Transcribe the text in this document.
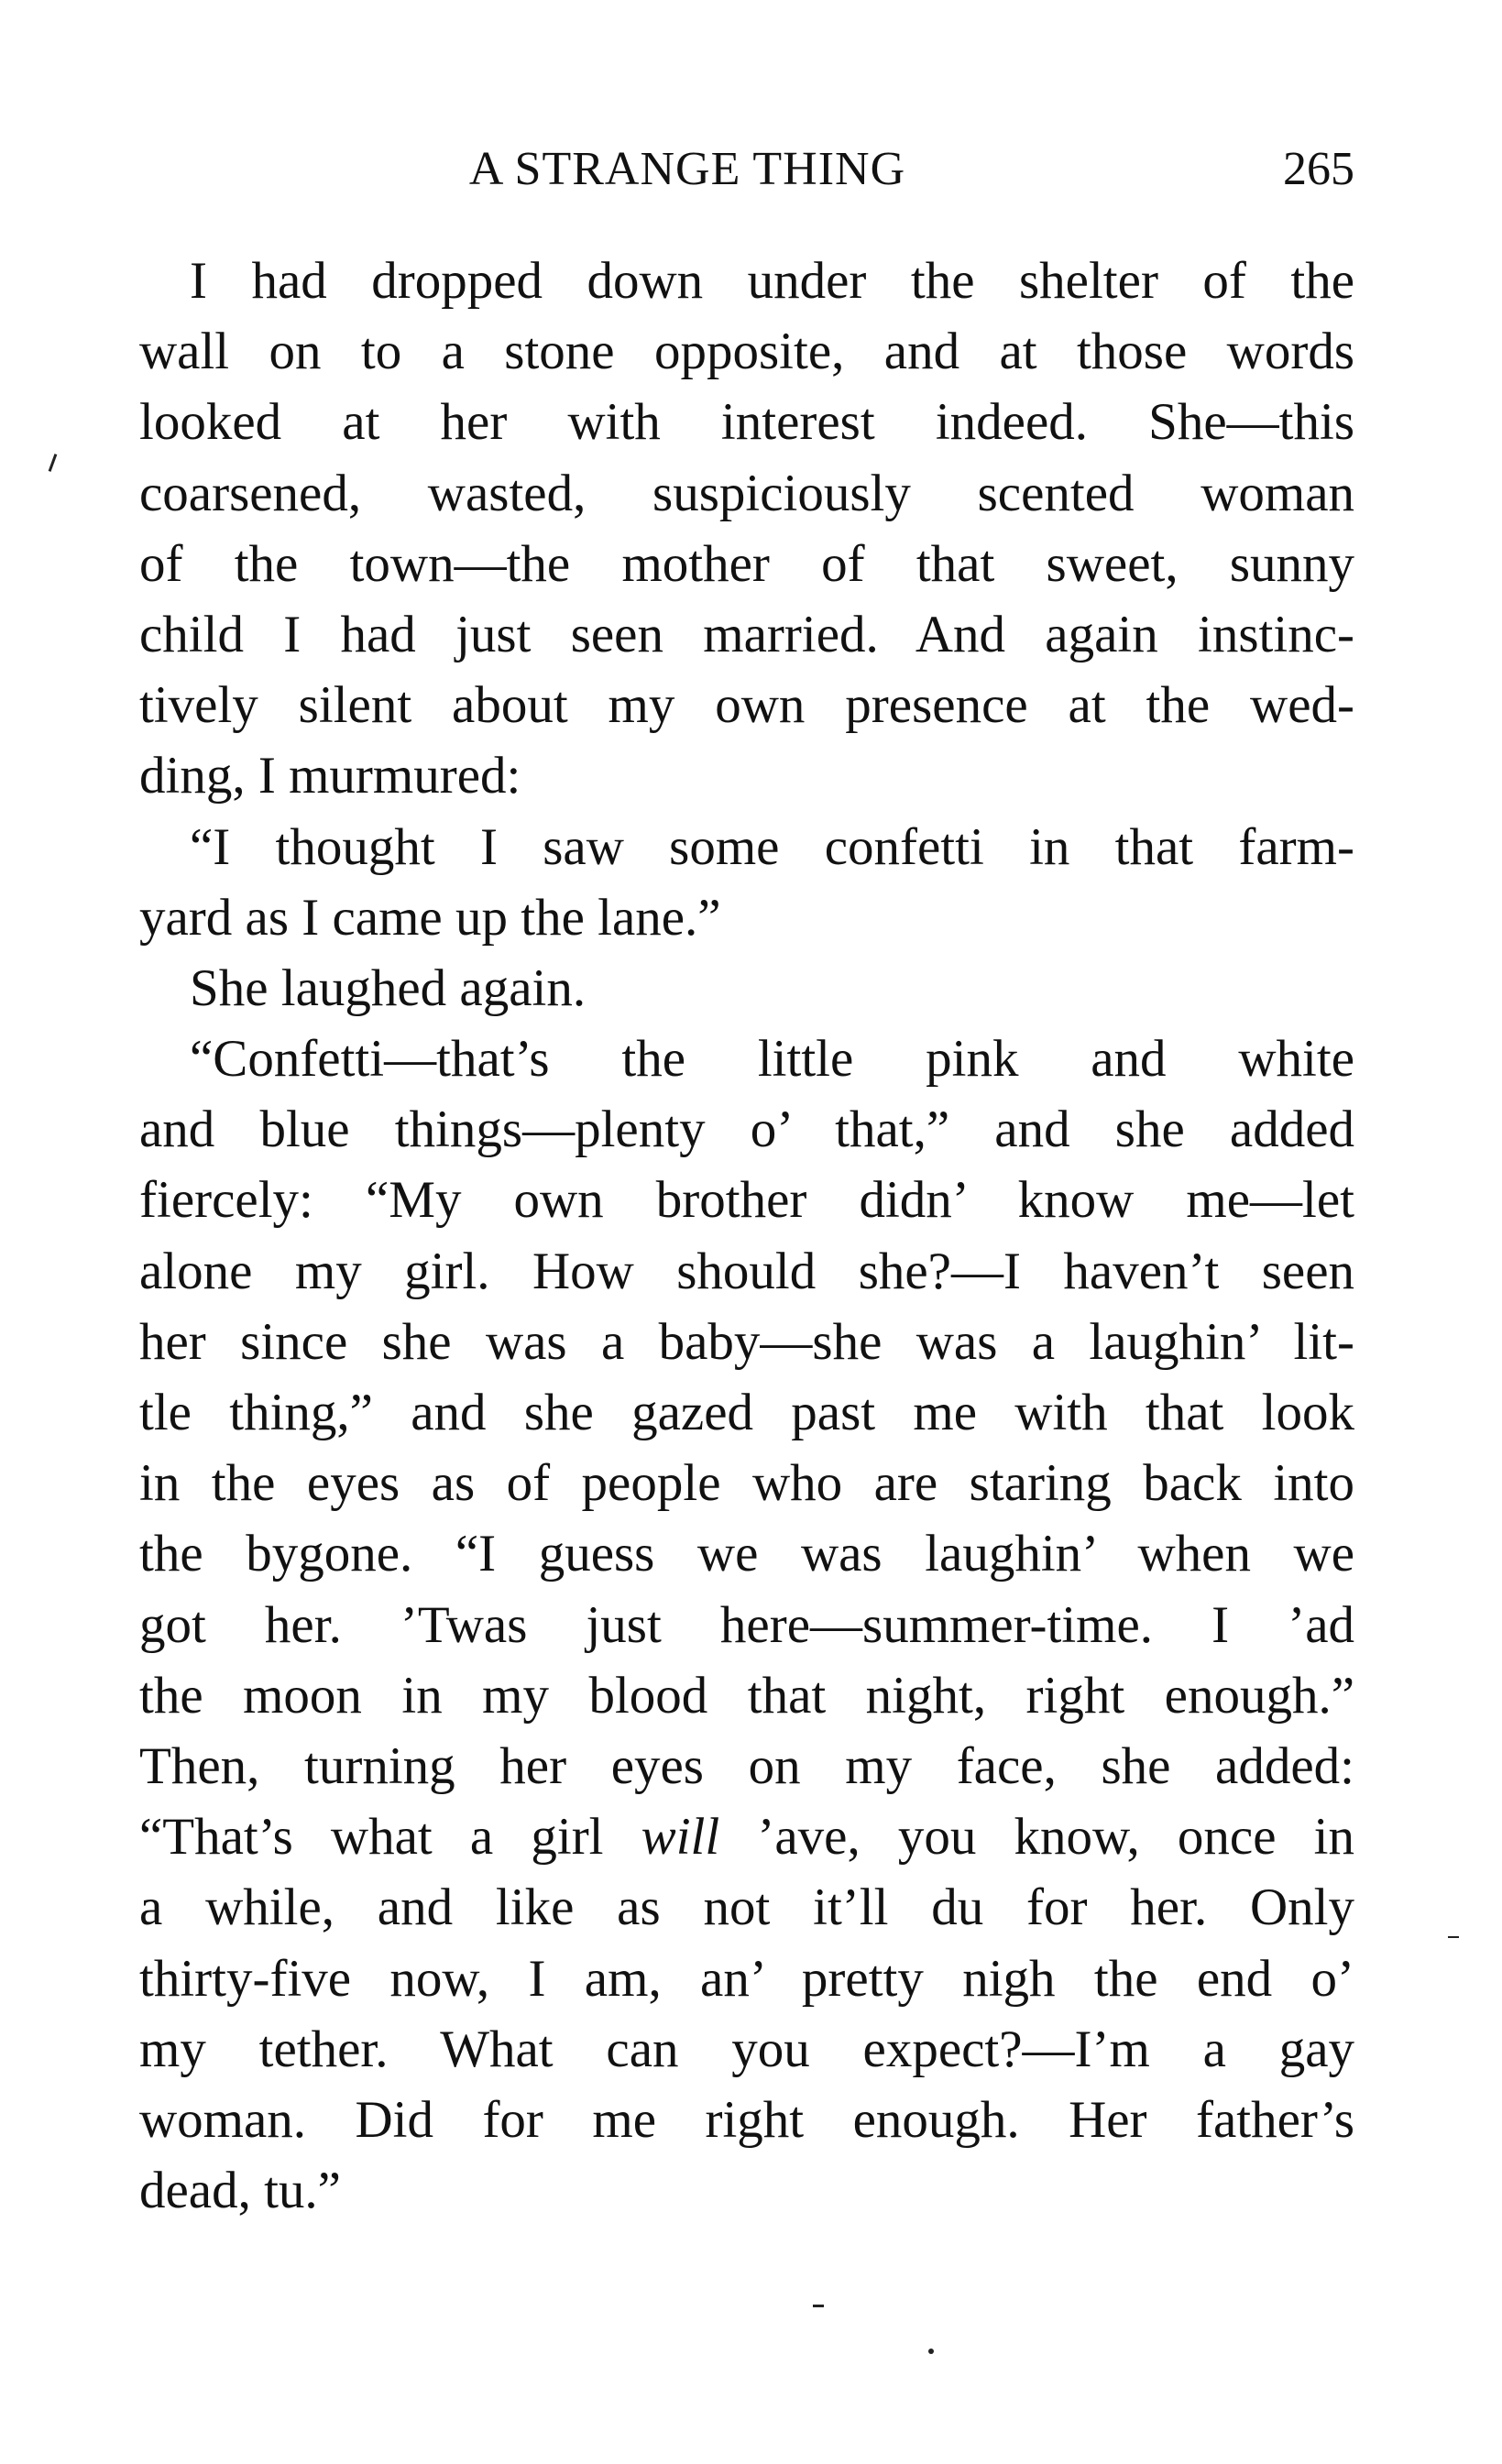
A STRANGE THING	265
I had dropped down under the shelter of the
wall on to a stone opposite, and at those words
looked at her with interest indeed. She—this
coarsened, wasted, suspiciously scented woman
of the town—the mother of that sweet, sunny
child I had just seen married. And again instinc-
tively silent about my own presence at the wed-
ding, I murmured:
“I thought I saw some confetti in that farm-
yard as I came up the lane.”
She laughed again.
“Confetti—that’s the little pink and white
and blue things—plenty o’ that,” and she added
fiercely: “My own brother didn’ know me—let
alone my girl. How should she?—I haven’t seen
her since she was a baby—she was a laughin’ lit-
tle thing,” and she gazed past me with that look
in the eyes as of people who are staring back into
the bygone. “I guess we was laughin’ when we
got her. ’Twas just here—summer-time. I ’ad
the moon in my blood that night, right enough.”
Then, turning her eyes on my face, she added:
“That’s what a girl will ’ave, you know, once in
a while, and like as not it’ll du for her. Only
thirty-five now, I am, an’ pretty nigh the end o’
my tether. What can you expect?—I’m a gay
woman. Did for me right enough. Her father’s
dead, tu.”
